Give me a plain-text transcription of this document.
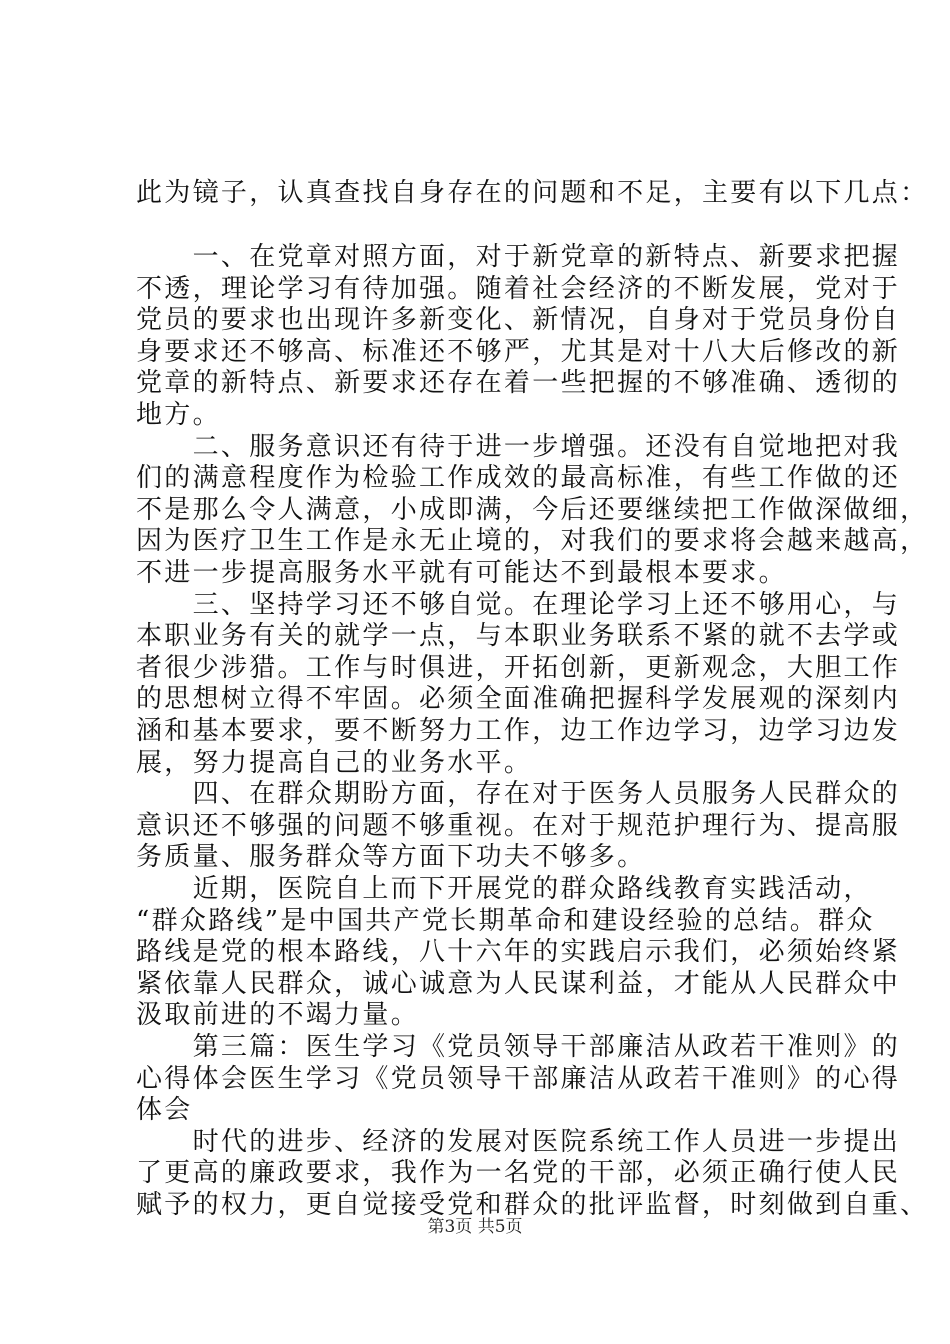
此为镜子，认真查找自身存在的问题和不足，主要有以下几点：
　　一、在党章对照方面，对于新党章的新特点、新要求把握
不透，理论学习有待加强。随着社会经济的不断发展，党对于
党员的要求也出现许多新变化、新情况，自身对于党员身份自
身要求还不够高、标准还不够严，尤其是对十八大后修改的新
党章的新特点、新要求还存在着一些把握的不够准确、透彻的
地方。
　　二、服务意识还有待于进一步增强。还没有自觉地把对我
们的满意程度作为检验工作成效的最高标准，有些工作做的还
不是那么令人满意，小成即满，今后还要继续把工作做深做细，
因为医疗卫生工作是永无止境的，对我们的要求将会越来越高，
不进一步提高服务水平就有可能达不到最根本要求。
　　三、坚持学习还不够自觉。在理论学习上还不够用心，与
本职业务有关的就学一点，与本职业务联系不紧的就不去学或
者很少涉猎。工作与时俱进，开拓创新，更新观念，大胆工作
的思想树立得不牢固。必须全面准确把握科学发展观的深刻内
涵和基本要求，要不断努力工作，边工作边学习，边学习边发
展，努力提高自己的业务水平。
　　四、在群众期盼方面，存在对于医务人员服务人民群众的
意识还不够强的问题不够重视。在对于规范护理行为、提高服
务质量、服务群众等方面下功夫不够多。
　　近期，医院自上而下开展党的群众路线教育实践活动，
“群众路线”是中国共产党长期革命和建设经验的总结。群众
路线是党的根本路线，八十六年的实践启示我们，必须始终紧
紧依靠人民群众，诚心诚意为人民谋利益，才能从人民群众中
汲取前进的不竭力量。
　　第三篇：医生学习《党员领导干部廉洁从政若干准则》的
心得体会医生学习《党员领导干部廉洁从政若干准则》的心得
体会
　　时代的进步、经济的发展对医院系统工作人员进一步提出
了更高的廉政要求，我作为一名党的干部，必须正确行使人民
赋予的权力，更自觉接受党和群众的批评监督，时刻做到自重、
第3页 共5页
